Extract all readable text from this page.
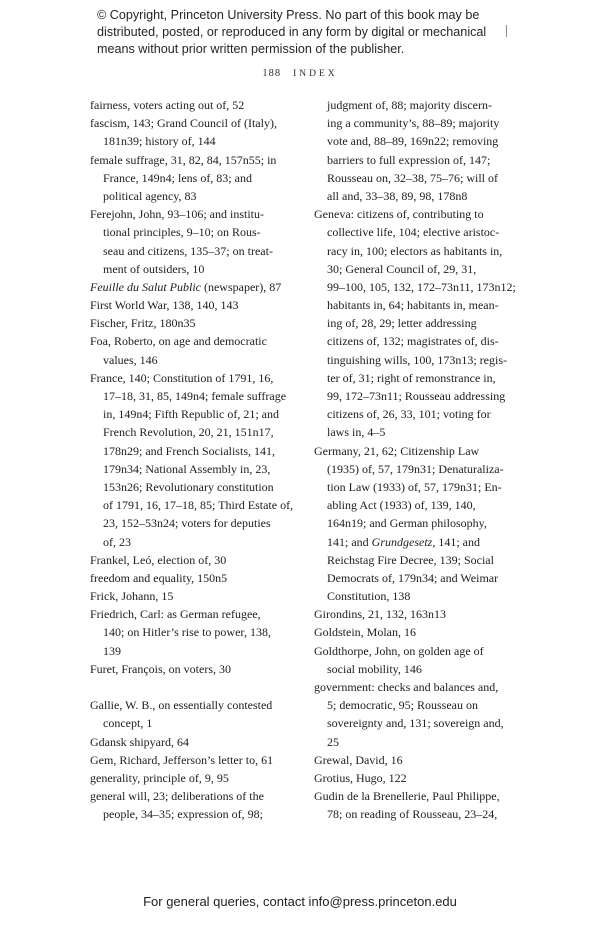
© Copyright, Princeton University Press. No part of this book may be
distributed, posted, or reproduced in any form by digital or mechanical
means without prior written permission of the publisher.
188 INDEX
fairness, voters acting out of, 52
fascism, 143; Grand Council of (Italy),
181n39; history of, 144
female suffrage, 31, 82, 84, 157n55; in
France, 149n4; lens of, 83; and
political agency, 83
Ferejohn, John, 93–106; and institu-
tional principles, 9–10; on Rous-
seau and citizens, 135–37; on treat-
ment of outsiders, 10
Feuille du Salut Public (newspaper), 87
First World War, 138, 140, 143
Fischer, Fritz, 180n35
Foa, Roberto, on age and democratic
values, 146
France, 140; Constitution of 1791, 16,
17–18, 31, 85, 149n4; female suffrage
in, 149n4; Fifth Republic of, 21; and
French Revolution, 20, 21, 151n17,
178n29; and French Socialists, 141,
179n34; National Assembly in, 23,
153n26; Revolutionary constitution
of 1791, 16, 17–18, 85; Third Estate of,
23, 152–53n24; voters for deputies
of, 23
Frankel, Leó, election of, 30
freedom and equality, 150n5
Frick, Johann, 15
Friedrich, Carl: as German refugee,
140; on Hitler’s rise to power, 138,
139
Furet, François, on voters, 30
Gallie, W. B., on essentially contested
concept, 1
Gdansk shipyard, 64
Gem, Richard, Jefferson’s letter to, 61
generality, principle of, 9, 95
general will, 23; deliberations of the
people, 34–35; expression of, 98;
judgment of, 88; majority discern-
ing a community’s, 88–89; majority
vote and, 88–89, 169n22; removing
barriers to full expression of, 147;
Rousseau on, 32–38, 75–76; will of
all and, 33–38, 89, 98, 178n8
Geneva: citizens of, contributing to
collective life, 104; elective aristoc-
racy in, 100; electors as habitants in,
30; General Council of, 29, 31,
99–100, 105, 132, 172–73n11, 173n12;
habitants in, 64; habitants in, mean-
ing of, 28, 29; letter addressing
citizens of, 132; magistrates of, dis-
tinguishing wills, 100, 173n13; regis-
ter of, 31; right of remonstrance in,
99, 172–73n11; Rousseau addressing
citizens of, 26, 33, 101; voting for
laws in, 4–5
Germany, 21, 62; Citizenship Law
(1935) of, 57, 179n31; Denaturaliza-
tion Law (1933) of, 57, 179n31; En-
abling Act (1933) of, 139, 140,
164n19; and German philosophy,
141; and Grundgesetz, 141; and
Reichstag Fire Decree, 139; Social
Democrats of, 179n34; and Weimar
Constitution, 138
Girondins, 21, 132, 163n13
Goldstein, Molan, 16
Goldthorpe, John, on golden age of
social mobility, 146
government: checks and balances and,
5; democratic, 95; Rousseau on
sovereignty and, 131; sovereign and,
25
Grewal, David, 16
Grotius, Hugo, 122
Gudin de la Brenellerie, Paul Philippe,
78; on reading of Rousseau, 23–24,
For general queries, contact info@press.princeton.edu
